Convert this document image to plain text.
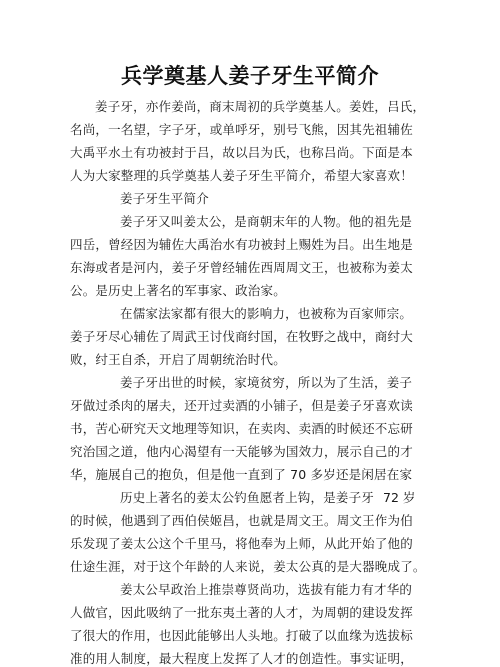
兵学奠基人姜子牙生平简介
姜子牙，亦作姜尚，商末周初的兵学奠基人。姜姓，吕氏，
名尚，一名望，字子牙，或单呼牙，别号飞熊，因其先祖辅佐
大禹平水土有功被封于吕，故以吕为氏，也称吕尚。下面是本
人为大家整理的兵学奠基人姜子牙生平简介，希望大家喜欢！
姜子牙生平简介
姜子牙又叫姜太公，是商朝末年的人物。他的祖先是
四岳，曾经因为辅佐大禹治水有功被封上赐姓为吕。出生地是
东海或者是河内，姜子牙曾经辅佐西周周文王，也被称为姜太
公。是历史上著名的军事家、政治家。
在儒家法家都有很大的影响力，也被称为百家师宗。
姜子牙尽心辅佐了周武王讨伐商纣国，在牧野之战中，商纣大
败，纣王自杀，开启了周朝统治时代。
姜子牙出世的时候，家境贫穷，所以为了生活，姜子
牙做过杀肉的屠夫，还开过卖酒的小铺子，但是姜子牙喜欢读
书，苦心研究天文地理等知识，在卖肉、卖酒的时候还不忘研
究治国之道，他内心渴望有一天能够为国效力，展示自己的才
华，施展自己的抱负，但是他一直到了 70 多岁还是闲居在家
历史上著名的姜太公钓鱼愿者上钩，是姜子牙 72 岁
的时候，他遇到了西伯侯姬昌，也就是周文王。周文王作为伯
乐发现了姜太公这个千里马，将他奉为上师，从此开始了他的
仕途生涯，对于这个年龄的人来说，姜太公真的是大器晚成了。
姜太公早政治上推崇尊贤尚功，选拔有能力有才华的
人做官，因此吸纳了一批东夷土著的人才，为周朝的建设发挥
了很大的作用，也因此能够出人头地。打破了以血缘为选拔标
准的用人制度，最大程度上发挥了人才的创造性。事实证明，
